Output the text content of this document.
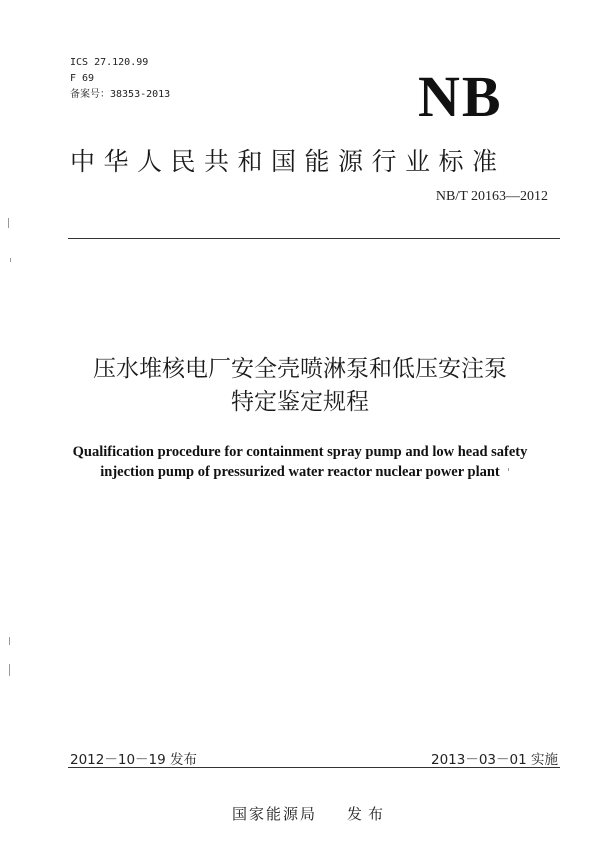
ICS 27.120.99
F 69
备案号：38353-2013	NB
中华人民共和国能源行业标准
NB/T 20163—2012
压水堆核电厂安全壳喷淋泵和低压安注泵
特定鉴定规程
Qualification procedure for containment spray pump and low head safety
injection pump of pressurized water reactor nuclear power plant
2012－10－19 发布	2013－03－01 实施
国家能源局 发布
